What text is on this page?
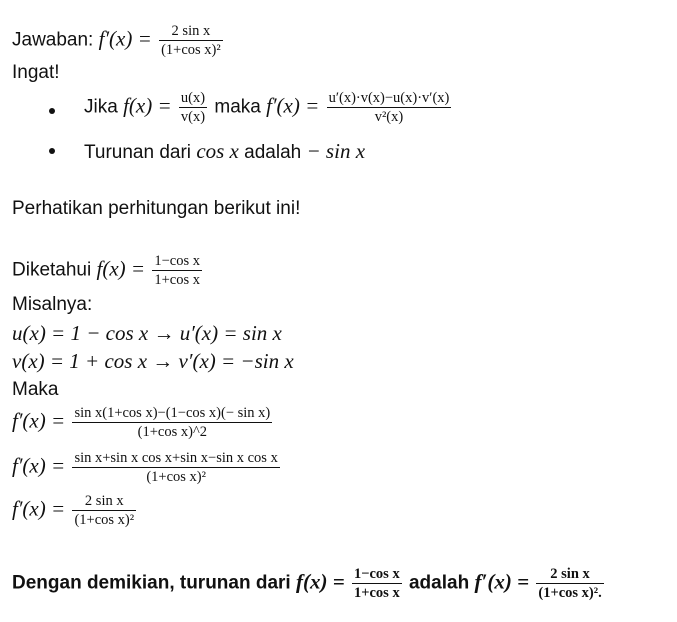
Jawaban: $f'(x) = \frac{\text{2 sin x}}{\text{(1+cos x)²}}$
Ingat!
Jika $f(x) = \frac{u(x)}{v(x)}$ maka $f'(x) = \frac{u'(x)\cdot v(x)-u(x)\cdot v'(x)}{\text{v²(x)}}$
Turunan dari cos x adalah − sin x
Perhatikan perhitungan berikut ini!
Diketahui $f(x) = \frac{\text{1−cos x}}{\text{1+cos x}}$
Misalnya:
u(x) = 1 − cos x → u′(x) = sin x
v(x) = 1 + cos x → v′(x) = −sin x
Maka
$f'(x) = \frac{\text{sin x(1+cos x)−(1−cos x)(− sin x)}}{\text{(1+cos x)\textasciicircum{}2}}$
$f'(x) = \frac{\text{sin x+sin x cos x+sin x−sin x cos x}}{\text{(1+cos x)²}}$
$f'(x) = \frac{\text{2 sin x}}{\text{(1+cos x)²}}$
Dengan demikian, turunan dari $f(x) = \frac{\text{1−cos x}}{\text{1+cos x}}$ adalah $f'(x) = \frac{\text{2 sin x}}{\text{(1+cos x)².}}$
